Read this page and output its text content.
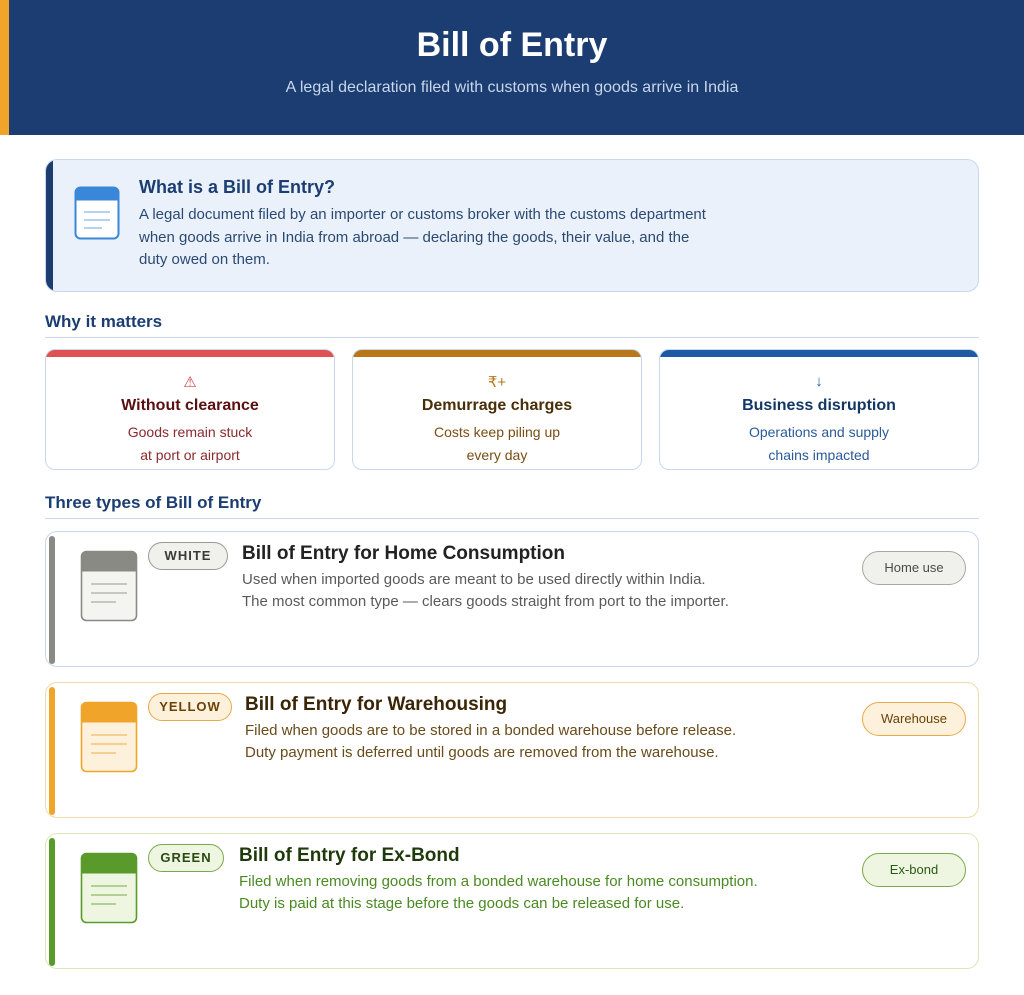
Bill of Entry
A legal declaration filed with customs when goods arrive in India
What is a Bill of Entry?
A legal document filed by an importer or customs broker with the customs department when goods arrive in India from abroad — declaring the goods, their value, and the duty owed on them.
Why it matters
⚠
Without clearance
Goods remain stuck
at port or airport
₹+
Demurrage charges
Costs keep piling up
every day
↓
Business disruption
Operations and supply
chains impacted
Three types of Bill of Entry
WHITE	Bill of Entry for Home Consumption
Used when imported goods are meant to be used directly within India.
The most common type — clears goods straight from port to the importer.
Home use
YELLOW	Bill of Entry for Warehousing
Filed when goods are to be stored in a bonded warehouse before release.
Duty payment is deferred until goods are removed from the warehouse.
Warehouse
GREEN	Bill of Entry for Ex-Bond
Filed when removing goods from a bonded warehouse for home consumption.
Duty is paid at this stage before the goods can be released for use.
Ex-bond
